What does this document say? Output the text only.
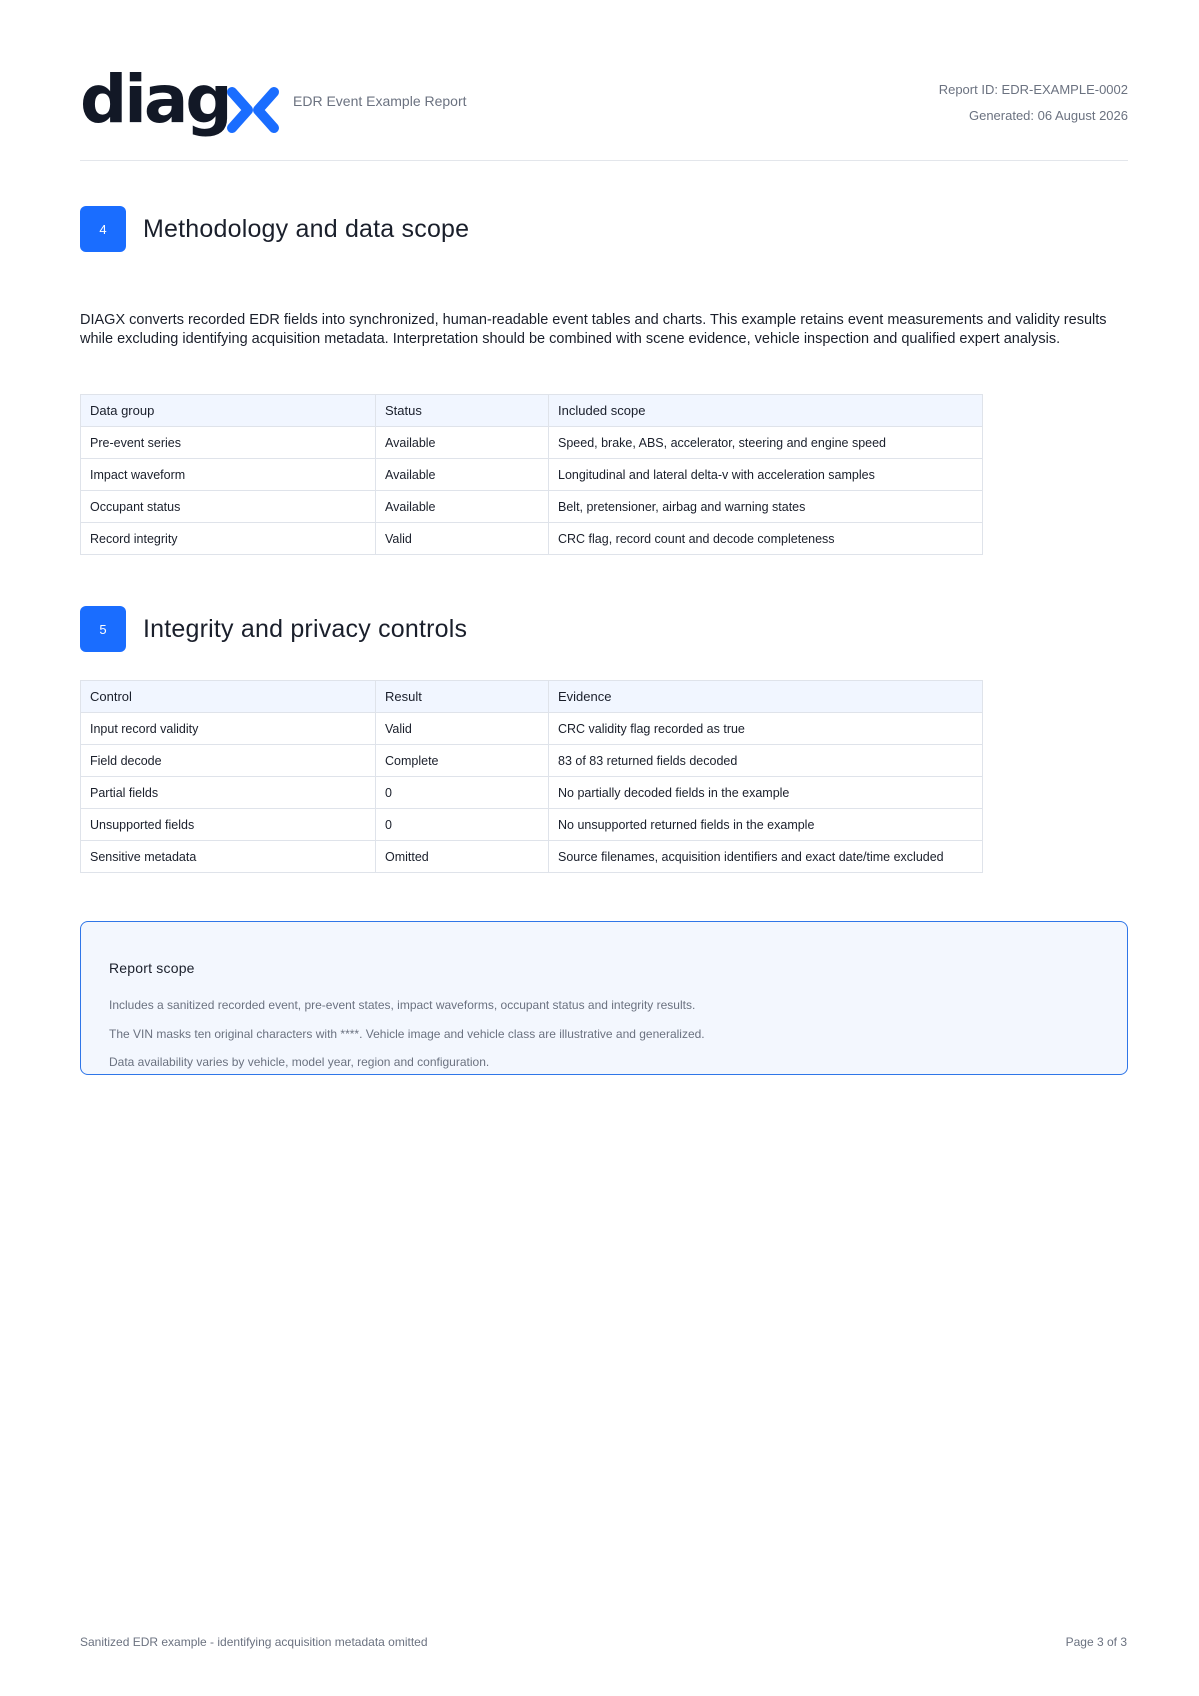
diag	EDR Event Example Report
Report ID: EDR-EXAMPLE-0002
Generated: 06 August 2026
4	Methodology and data scope
DIAGX converts recorded EDR fields into synchronized, human-readable event tables and charts. This example retains event measurements and validity results while excluding identifying acquisition metadata. Interpretation should be combined with scene evidence, vehicle inspection and qualified expert analysis.
Data group	Status	Included scope
Pre-event series	Available	Speed, brake, ABS, accelerator, steering and engine speed
Impact waveform	Available	Longitudinal and lateral delta-v with acceleration samples
Occupant status	Available	Belt, pretensioner, airbag and warning states
Record integrity	Valid	CRC flag, record count and decode completeness
5	Integrity and privacy controls
Control	Result	Evidence
Input record validity	Valid	CRC validity flag recorded as true
Field decode	Complete	83 of 83 returned fields decoded
Partial fields	0	No partially decoded fields in the example
Unsupported fields	0	No unsupported returned fields in the example
Sensitive metadata	Omitted	Source filenames, acquisition identifiers and exact date/time excluded
Report scope
Includes a sanitized recorded event, pre-event states, impact waveforms, occupant status and integrity results.
The VIN masks ten original characters with ****. Vehicle image and vehicle class are illustrative and generalized.
Data availability varies by vehicle, model year, region and configuration.
Sanitized EDR example - identifying acquisition metadata omitted	Page 3 of 3
